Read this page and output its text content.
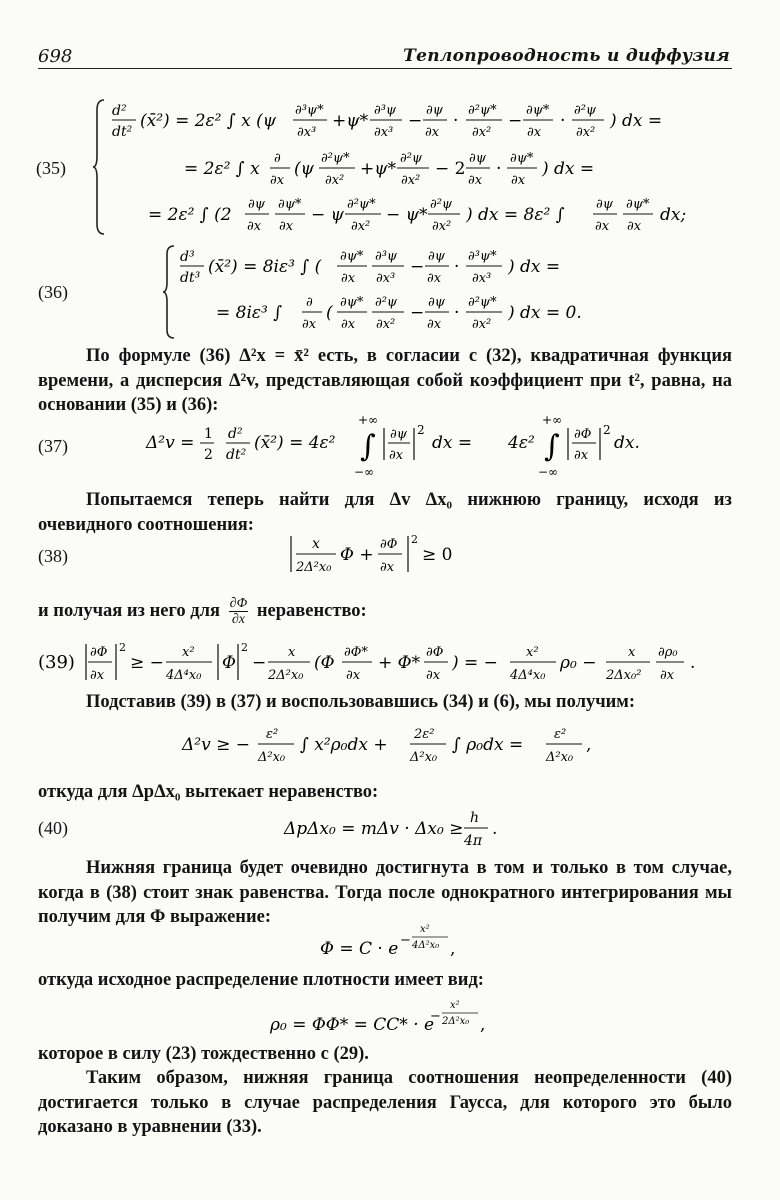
698	Теплопроводность и диффузия
(35)
d²
dt²
(x̄²) = 2ε² ∫ x (ψ
∂³ψ*
∂x³
+ψ*
∂³ψ
∂x³
−
∂ψ
∂x
·
∂²ψ*
∂x²
−
∂ψ*
∂x
·
∂²ψ
∂x²
) dx =
= 2ε² ∫ x
∂
∂x
(ψ
∂²ψ*
∂x²
+ψ*
∂²ψ
∂x²
− 2
∂ψ
∂x
·
∂ψ*
∂x
) dx =
= 2ε² ∫ (2
∂ψ
∂x
∂ψ*
∂x
− ψ
∂²ψ*
∂x²
− ψ*
∂²ψ
∂x²
) dx = 8ε² ∫
∂ψ
∂x
∂ψ*
∂x
dx;
(36)
d³
dt³
(x̄²) = 8iε³ ∫ (
∂ψ*
∂x
∂³ψ
∂x³
−
∂ψ
∂x
·
∂³ψ*
∂x³
) dx =
= 8iε³ ∫
∂
∂x
(
∂ψ*
∂x
∂²ψ
∂x²
−
∂ψ
∂x
·
∂²ψ*
∂x²
) dx = 0.
По формуле (36) Δ²x = x̄² есть, в согласии с (32), квадратичная функция времени, а дисперсия Δ²v, представляющая собой коэффициент при t², равна, на основании (35) и (36):
(37)	Δ²v = 1
2
d²
dt²
(x̄²) = 4ε²
+∞
∫
−∞
∂ψ
∂x
2
dx = 4ε²
+∞
∫
−∞
∂Φ
∂x
2
dx.
Попытаемся теперь найти для Δv Δx₀ нижнюю границу, исходя из очевидного соотношения:
(38)
x
2Δ²x₀
Φ +
∂Φ
∂x
2
≥ 0
и получая из него для $\frac{\partial\Phi}{\partial x}$ неравенство:
(39) ∂Φ
∂x
2
≥ −
x²
4Δ⁴x₀
Φ
2
−
x
2Δ²x₀
(Φ
∂Φ*
∂x
+ Φ*
∂Φ
∂x
) = −
x²
4Δ⁴x₀
ρ₀ −
x
2Δx₀²
∂ρ₀
∂x
.
Подставив (39) в (37) и воспользовавшись (34) и (6), мы получим:
Δ²v ≥ −
ε²
Δ²x₀
∫ x²ρ₀dx +
2ε²
Δ²x₀
∫ ρ₀dx =
ε²
Δ²x₀
,
откуда для ΔpΔx₀ вытекает неравенство:
(40)	ΔpΔx₀ = mΔv · Δx₀ ≥
h
4π
.
Нижняя граница будет очевидно достигнута в том и только в том случае, когда в (38) стоит знак равенства. Тогда после однократного интегрирования мы получим для Φ выражение:
Φ = C · e −
x²
4Δ²x₀ ,
откуда исходное распределение плотности имеет вид:
ρ₀ = ΦΦ* = CC* · e
−
x²
2Δ²x₀ ,
которое в силу (23) тождественно с (29).
Таким образом, нижняя граница соотношения неопределенности (40) достигается только в случае распределения Гаусса, для которого это было доказано в уравнении (33).
